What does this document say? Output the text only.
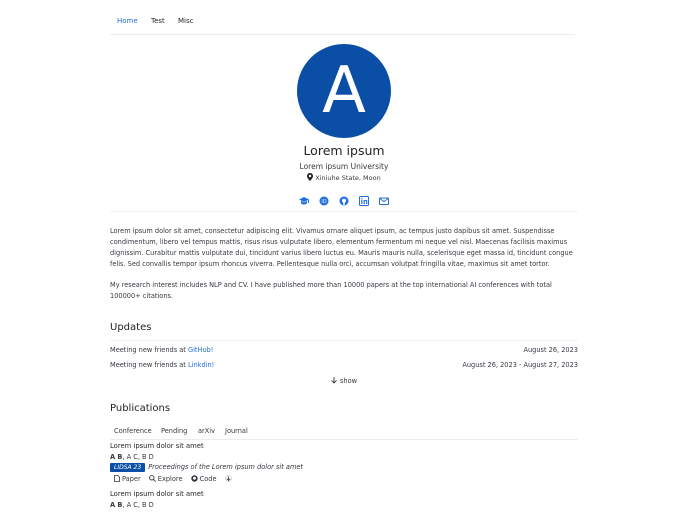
Home Test Misc
A
Lorem ipsum
Lorem ipsum University
Xiniuhe State, Moon

iD

Lorem ipsum dolor sit amet, consectetur adipiscing elit. Vivamus ornare aliquet ipsum, ac tempus justo dapibus sit amet. Suspendisse condimentum, libero vel tempus mattis, risus risus vulputate libero, elementum fermentum mi neque vel nisl. Maecenas facilisis maximus dignissim. Curabitur mattis vulputate dui, tincidunt varius libero luctus eu. Mauris mauris nulla, scelerisque eget massa id, tincidunt congue felis. Sed convallis tempor ipsum rhoncus viverra. Pellentesque nulla orci, accumsan volutpat fringilla vitae, maximus sit amet tortor.

My research interest includes NLP and CV. I have published more than 10000 papers at the top international AI conferences with total 100000+ citations.

Updates
Meeting new friends at GitHub!	August 26, 2023
Meeting new friends at Linkdin!	August 26, 2023 - August 27, 2023
show
Publications
Conference Pending arXiv Journal
Lorem ipsum dolor sit amet
A B, A C, B D
LIDSA 23 Proceedings of the Lorem ipsum dolor sit amet
Paper	Explore	Code
Lorem ipsum dolor sit amet
A B, A C, B D
